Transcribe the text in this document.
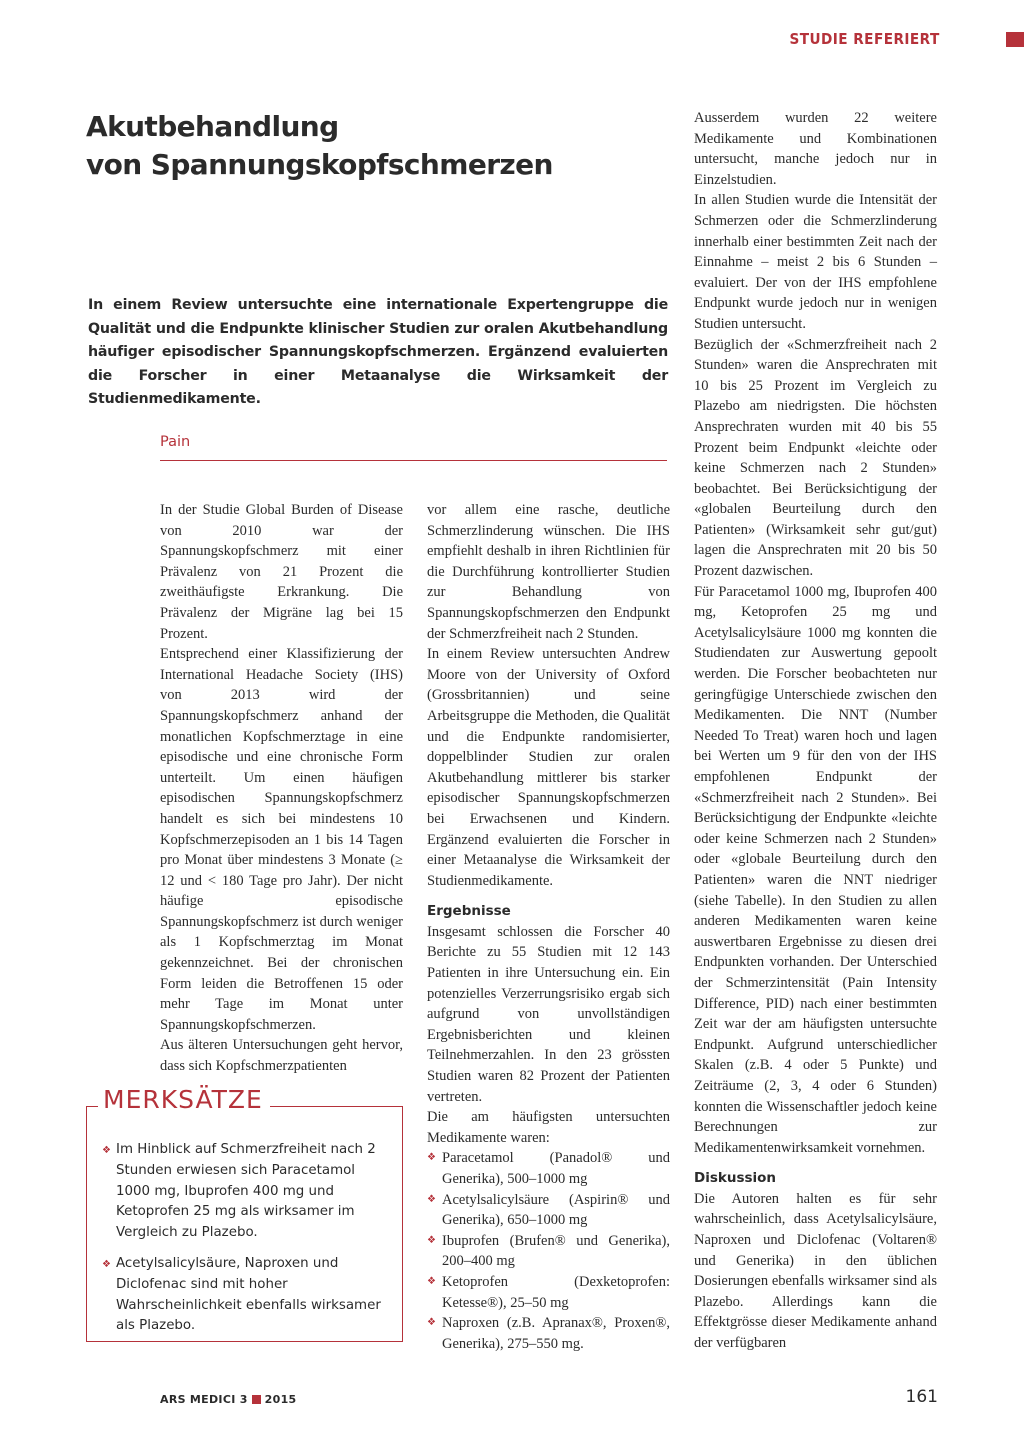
STUDIE REFERIERT
Akutbehandlung
von Spannungskopfschmerzen

In einem Review untersuchte eine internationale Expertengruppe die Qualität und die Endpunkte klinischer Studien zur oralen Akutbehandlung häufiger episodischer Spannungskopfschmerzen. Ergänzend evaluierten die Forscher in einer Metaanalyse die Wirksamkeit der Studienmedikamente.

Pain

In der Studie Global Burden of Disease von 2010 war der Spannungskopfschmerz mit einer Prävalenz von 21 Prozent die zweithäufigste Erkrankung. Die Prävalenz der Migräne lag bei 15 Prozent.

Entsprechend einer Klassifizierung der International Headache Society (IHS) von 2013 wird der Spannungskopfschmerz anhand der monatlichen Kopfschmerztage in eine episodische und eine chronische Form unterteilt. Um einen häufigen episodischen Spannungskopfschmerz handelt es sich bei mindestens 10 Kopfschmerzepisoden an 1 bis 14 Tagen pro Monat über mindestens 3 Monate (≥ 12 und < 180 Tage pro Jahr). Der nicht häufige episodische Spannungskopfschmerz ist durch weniger als 1 Kopfschmerztag im Monat gekennzeichnet. Bei der chronischen Form leiden die Betroffenen 15 oder mehr Tage im Monat unter Spannungskopfschmerzen.

Aus älteren Untersuchungen geht hervor, dass sich Kopfschmerzpatienten

vor allem eine rasche, deutliche Schmerzlinderung wünschen. Die IHS empfiehlt deshalb in ihren Richtlinien für die Durchführung kontrollierter Studien zur Behandlung von Spannungskopfschmerzen den Endpunkt der Schmerzfreiheit nach 2 Stunden.

In einem Review untersuchten Andrew Moore von der University of Oxford (Grossbritannien) und seine Arbeitsgruppe die Methoden, die Qualität und die Endpunkte randomisierter, doppelblinder Studien zur oralen Akutbehandlung mittlerer bis starker episodischer Spannungskopfschmerzen bei Erwachsenen und Kindern. Ergänzend evaluierten die Forscher in einer Metaanalyse die Wirksamkeit der Studienmedikamente.

Ergebnisse

Insgesamt schlossen die Forscher 40 Berichte zu 55 Studien mit 12 143 Patienten in ihre Untersuchung ein. Ein potenzielles Verzerrungsrisiko ergab sich aufgrund von unvollständigen Ergebnisberichten und kleinen Teilnehmerzahlen. In den 23 grössten Studien waren 82 Prozent der Patienten vertreten.

Die am häufigsten untersuchten Medikamente waren:

❖ Paracetamol (Panadol® und Generika), 500–1000 mg
❖ Acetylsalicylsäure (Aspirin® und Generika), 650–1000 mg
❖ Ibuprofen (Brufen® und Generika), 200–400 mg
❖ Ketoprofen (Dexketoprofen: Ketesse®), 25–50 mg
❖ Naproxen (z.B. Apranax®, Proxen®, Generika), 275–550 mg.

Ausserdem wurden 22 weitere Medikamente und Kombinationen untersucht, manche jedoch nur in Einzelstudien.

In allen Studien wurde die Intensität der Schmerzen oder die Schmerzlinderung innerhalb einer bestimmten Zeit nach der Einnahme – meist 2 bis 6 Stunden – evaluiert. Der von der IHS empfohlene Endpunkt wurde jedoch nur in wenigen Studien untersucht.

Bezüglich der «Schmerzfreiheit nach 2 Stunden» waren die Ansprechraten mit 10 bis 25 Prozent im Vergleich zu Plazebo am niedrigsten. Die höchsten Ansprechraten wurden mit 40 bis 55 Prozent beim Endpunkt «leichte oder keine Schmerzen nach 2 Stunden» beobachtet. Bei Berücksichtigung der «globalen Beurteilung durch den Patienten» (Wirksamkeit sehr gut/gut) lagen die Ansprechraten mit 20 bis 50 Prozent dazwischen.

Für Paracetamol 1000 mg, Ibuprofen 400 mg, Ketoprofen 25 mg und Acetylsalicylsäure 1000 mg konnten die Studiendaten zur Auswertung gepoolt werden. Die Forscher beobachteten nur geringfügige Unterschiede zwischen den Medikamenten. Die NNT (Number Needed To Treat) waren hoch und lagen bei Werten um 9 für den von der IHS empfohlenen Endpunkt der «Schmerzfreiheit nach 2 Stunden». Bei Berücksichtigung der Endpunkte «leichte oder keine Schmerzen nach 2 Stunden» oder «globale Beurteilung durch den Patienten» waren die NNT niedriger (siehe Tabelle). In den Studien zu allen anderen Medikamenten waren keine auswertbaren Ergebnisse zu diesen drei Endpunkten vorhanden. Der Unterschied der Schmerzintensität (Pain Intensity Difference, PID) nach einer bestimmten Zeit war der am häufigsten untersuchte Endpunkt. Aufgrund unterschiedlicher Skalen (z.B. 4 oder 5 Punkte) und Zeiträume (2, 3, 4 oder 6 Stunden) konnten die Wissenschaftler jedoch keine Berechnungen zur Medikamentenwirksamkeit vornehmen.

Diskussion

Die Autoren halten es für sehr wahrscheinlich, dass Acetylsalicylsäure, Naproxen und Diclofenac (Voltaren® und Generika) in den üblichen Dosierungen ebenfalls wirksamer sind als Plazebo. Allerdings kann die Effektgrösse dieser Medikamente anhand der verfügbaren

MERKSÄTZE
❖ Im Hinblick auf Schmerzfreiheit nach 2 Stunden erwiesen sich Paracetamol 1000 mg, Ibuprofen 400 mg und Ketoprofen 25 mg als wirksamer im Vergleich zu Plazebo.
❖ Acetylsalicylsäure, Naproxen und Diclofenac sind mit hoher Wahrscheinlichkeit ebenfalls wirksamer als Plazebo.
ARS MEDICI 3 2015	161
